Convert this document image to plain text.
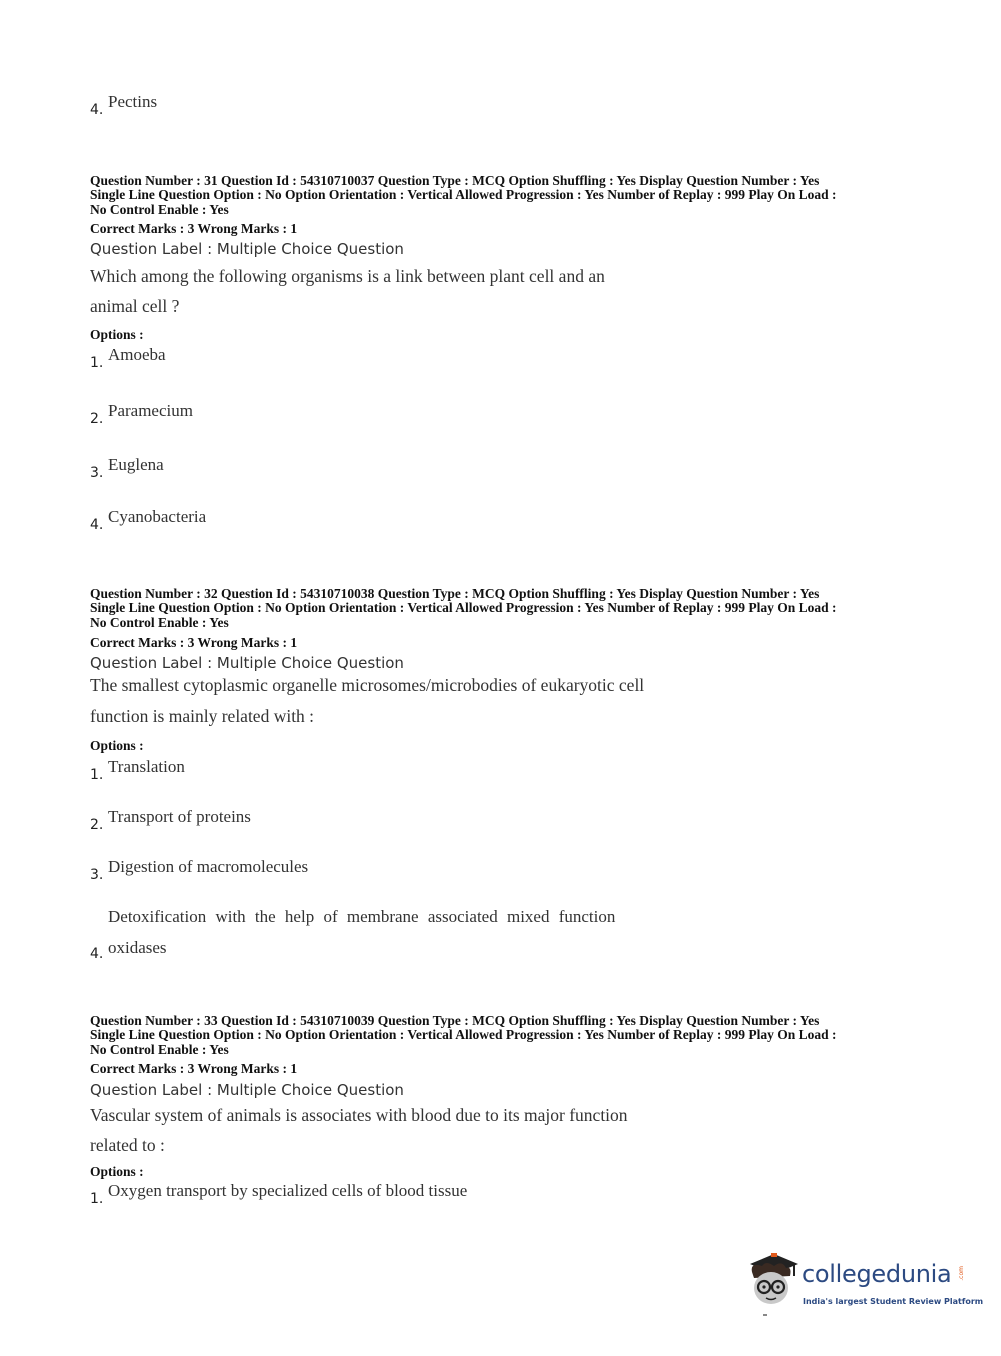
4. Pectins
Question Number : 31 Question Id : 54310710037 Question Type : MCQ Option Shuffling : Yes Display Question Number : Yes
Single Line Question Option : No Option Orientation : Vertical Allowed Progression : Yes Number of Replay : 999 Play On Load :
No Control Enable : Yes
Correct Marks : 3 Wrong Marks : 1
Question Label : Multiple Choice Question
Which among the following organisms is a link between plant cell and an
animal cell ?
Options :
1. Amoeba
2. Paramecium
3. Euglena
4. Cyanobacteria
Question Number : 32 Question Id : 54310710038 Question Type : MCQ Option Shuffling : Yes Display Question Number : Yes
Single Line Question Option : No Option Orientation : Vertical Allowed Progression : Yes Number of Replay : 999 Play On Load :
No Control Enable : Yes
Correct Marks : 3 Wrong Marks : 1
Question Label : Multiple Choice Question
The smallest cytoplasmic organelle microsomes/microbodies of eukaryotic cell
function is mainly related with :
Options :
1. Translation
2. Transport of proteins
3. Digestion of macromolecules
4.
Detoxification with the help of membrane associated mixed function
oxidases
Question Number : 33 Question Id : 54310710039 Question Type : MCQ Option Shuffling : Yes Display Question Number : Yes
Single Line Question Option : No Option Orientation : Vertical Allowed Progression : Yes Number of Replay : 999 Play On Load :
No Control Enable : Yes
Correct Marks : 3 Wrong Marks : 1
Question Label : Multiple Choice Question
Vascular system of animals is associates with blood due to its major function
related to :
Options :
1. Oxygen transport by specialized cells of blood tissue
collegedunia .com
India's largest Student Review Platform
